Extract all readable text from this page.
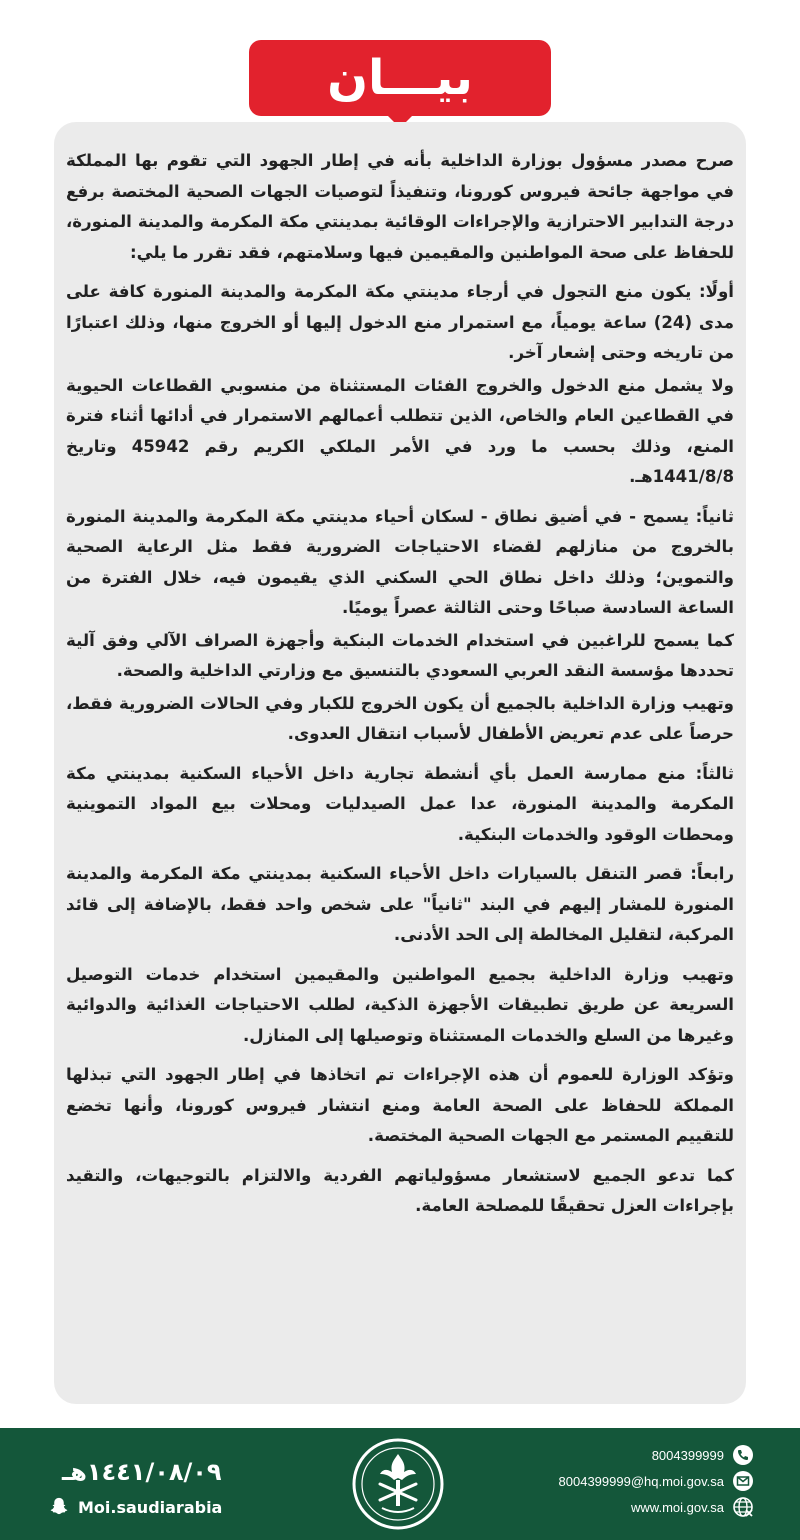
بيـــان

صرح مصدر مسؤول بوزارة الداخلية بأنه في إطار الجهود التي تقوم بها المملكة في مواجهة جائحة فيروس كورونا، وتنفيذاً لتوصيات الجهات الصحية المختصة برفع درجة التدابير الاحترازية والإجراءات الوقائية بمدينتي مكة المكرمة والمدينة المنورة، للحفاظ على صحة المواطنين والمقيمين فيها وسلامتهم، فقد تقرر ما يلي:

أولًا: يكون منع التجول في أرجاء مدينتي مكة المكرمة والمدينة المنورة كافة على مدى (24) ساعة يومياً، مع استمرار منع الدخول إليها أو الخروج منها، وذلك اعتبارًا من تاريخه وحتى إشعار آخر.

ولا يشمل منع الدخول والخروج الفئات المستثناة من منسوبي القطاعات الحيوية في القطاعين العام والخاص، الذين تتطلب أعمالهم الاستمرار في أدائها أثناء فترة المنع، وذلك بحسب ما ورد في الأمر الملكي الكريم رقم 45942 وتاريخ 1441/8/8هـ.

ثانياً: يسمح - في أضيق نطاق - لسكان أحياء مدينتي مكة المكرمة والمدينة المنورة بالخروج من منازلهم لقضاء الاحتياجات الضرورية فقط مثل الرعاية الصحية والتموين؛ وذلك داخل نطاق الحي السكني الذي يقيمون فيه، خلال الفترة من الساعة السادسة صباحًا وحتى الثالثة عصراً يوميًا.

كما يسمح للراغبين في استخدام الخدمات البنكية وأجهزة الصراف الآلي وفق آلية تحددها مؤسسة النقد العربي السعودي بالتنسيق مع وزارتي الداخلية والصحة.

وتهيب وزارة الداخلية بالجميع أن يكون الخروج للكبار وفي الحالات الضرورية فقط، حرصاً على عدم تعريض الأطفال لأسباب انتقال العدوى.

ثالثاً: منع ممارسة العمل بأي أنشطة تجارية داخل الأحياء السكنية بمدينتي مكة المكرمة والمدينة المنورة، عدا عمل الصيدليات ومحلات بيع المواد التموينية ومحطات الوقود والخدمات البنكية.

رابعاً: قصر التنقل بالسيارات داخل الأحياء السكنية بمدينتي مكة المكرمة والمدينة المنورة للمشار إليهم في البند "ثانياً" على شخص واحد فقط، بالإضافة إلى قائد المركبة، لتقليل المخالطة إلى الحد الأدنى.

وتهيب وزارة الداخلية بجميع المواطنين والمقيمين استخدام خدمات التوصيل السريعة عن طريق تطبيقات الأجهزة الذكية، لطلب الاحتياجات الغذائية والدوائية وغيرها من السلع والخدمات المستثناة وتوصيلها إلى المنازل.

وتؤكد الوزارة للعموم أن هذه الإجراءات تم اتخاذها في إطار الجهود التي تبذلها المملكة للحفاظ على الصحة العامة ومنع انتشار فيروس كورونا، وأنها تخضع للتقييم المستمر مع الجهات الصحية المختصة.

كما تدعو الجميع لاستشعار مسؤولياتهم الفردية والالتزام بالتوجيهات، والتقيد بإجراءات العزل تحقيقًا للمصلحة العامة.

١٤٤١/٠٨/٠٩هـ
Moi.saudiarabia
8004399999
8004399999@hq.moi.gov.sa
www.moi.gov.sa
